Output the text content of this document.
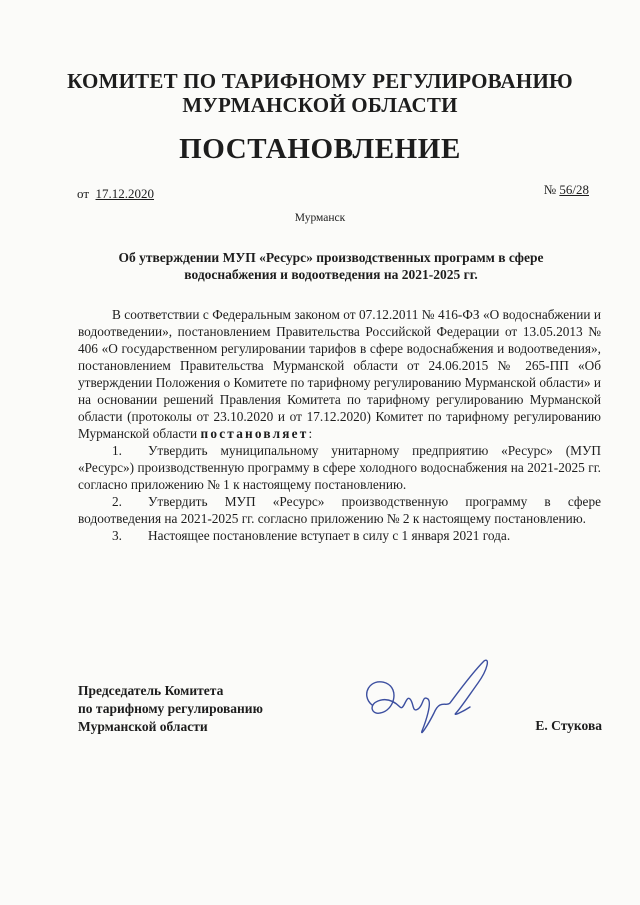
КОМИТЕТ ПО ТАРИФНОМУ РЕГУЛИРОВАНИЮ
МУРМАНСКОЙ ОБЛАСТИ
ПОСТАНОВЛЕНИЕ
от 17.12.2020	№ 56/28
Мурманск
Об утверждении МУП «Ресурс» производственных программ в сфере
водоснабжения и водоотведения на 2021-2025 гг.

В соответствии с Федеральным законом от 07.12.2011 № 416-ФЗ «О водоснабжении и водоотведении», постановлением Правительства Российской Федерации от 13.05.2013 № 406 «О государственном регулировании тарифов в сфере водоснабжения и водоотведения», постановлением Правительства Мурманской области от 24.06.2015 № 265-ПП «Об утверждении Положения о Комитете по тарифному регулированию Мурманской области» и на основании решений Правления Комитета по тарифному регулированию Мурманской области (протоколы от 23.10.2020 и от 17.12.2020) Комитет по тарифному регулированию Мурманской области постановляет:

1. Утвердить муниципальному унитарному предприятию «Ресурс» (МУП «Ресурс») производственную программу в сфере холодного водоснабжения на 2021-2025 гг. согласно приложению № 1 к настоящему постановлению.

2. Утвердить МУП «Ресурс» производственную программу в сфере водоотведения на 2021-2025 гг. согласно приложению № 2 к настоящему постановлению.

3. Настоящее постановление вступает в силу с 1 января 2021 года.

Председатель Комитета
по тарифному регулированию
Мурманской области	Е. Стукова
